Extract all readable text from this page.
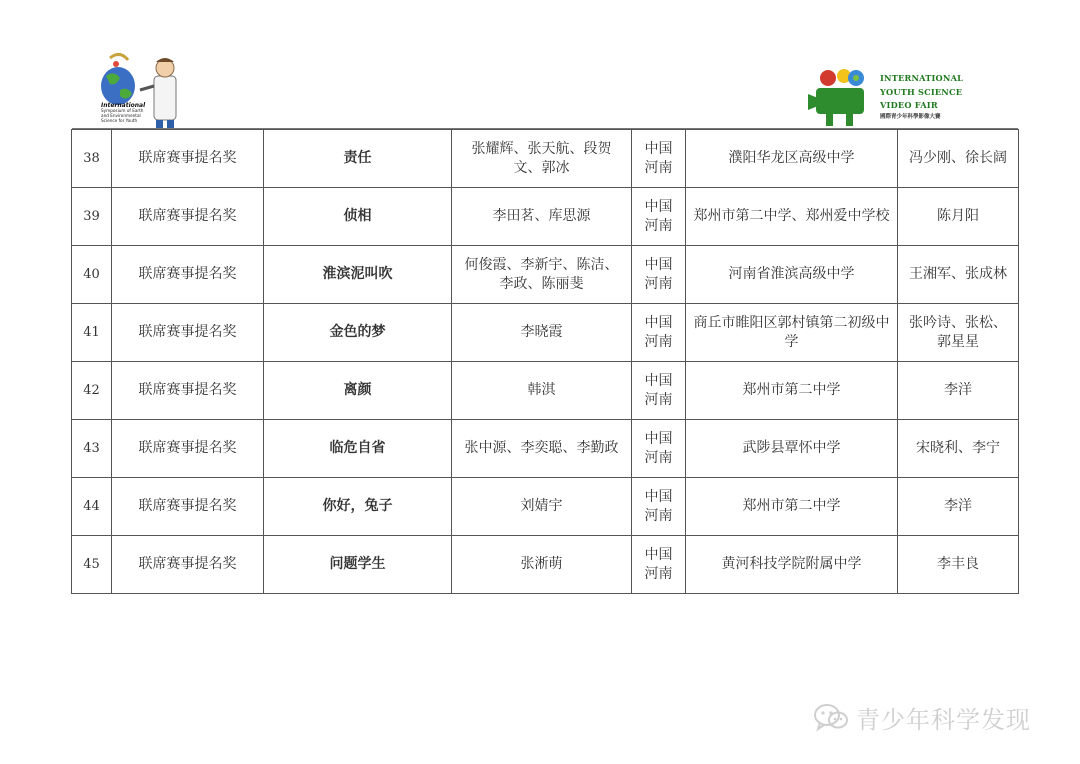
International
Symposium of Earth
and Environmental
Science for Youth
INTERNATIONAL
YOUTH SCIENCE
VIDEO FAIR
國際青少年科學影像大賽
38	联席赛事提名奖	责任	张耀辉、张天航、段贺文、郭冰	中国河南	濮阳华龙区高级中学	冯少刚、徐长阔
39	联席赛事提名奖	侦相	李田茗、库思源	中国河南	郑州市第二中学、郑州爱中学校	陈月阳
40	联席赛事提名奖	淮滨泥叫吹	何俊霞、李新宇、陈洁、李政、陈丽斐	中国河南	河南省淮滨高级中学	王湘军、张成林
41	联席赛事提名奖	金色的梦	李晓霞	中国河南	商丘市睢阳区郭村镇第二初级中学	张吟诗、张松、郭星星
42	联席赛事提名奖	离颜	韩淇	中国河南	郑州市第二中学	李洋
43	联席赛事提名奖	临危自省	张中源、李奕聪、李勤政	中国河南	武陟县覃怀中学	宋晓利、李宁
44	联席赛事提名奖	你好，兔子	刘婧宇	中国河南	郑州市第二中学	李洋
45	联席赛事提名奖	问题学生	张淅萌	中国河南	黄河科技学院附属中学	李丰良
青少年科学发现
